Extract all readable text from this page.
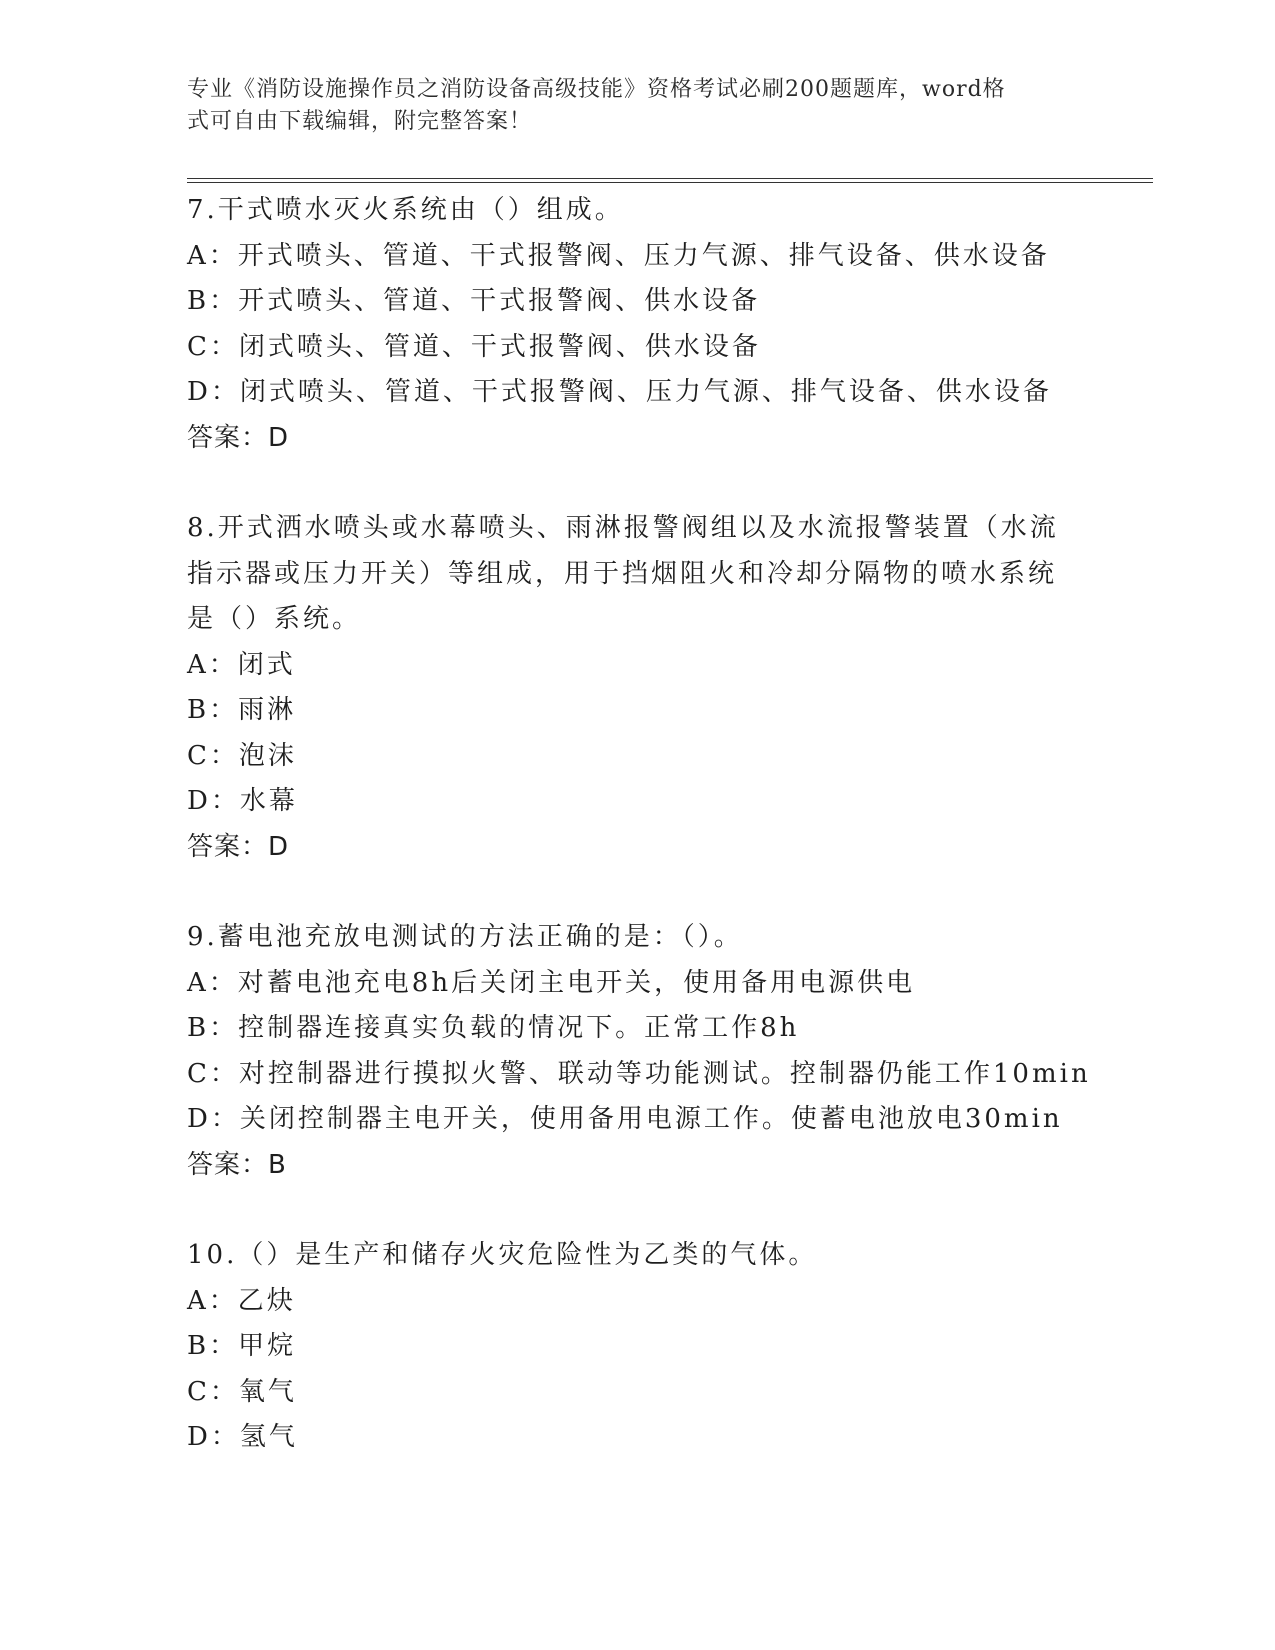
专业《消防设施操作员之消防设备高级技能》资格考试必刷200题题库，word格
式可自由下载编辑，附完整答案！
7.干式喷水灭火系统由（）组成。
A：开式喷头、管道、干式报警阀、压力气源、排气设备、供水设备
B：开式喷头、管道、干式报警阀、供水设备
C：闭式喷头、管道、干式报警阀、供水设备
D：闭式喷头、管道、干式报警阀、压力气源、排气设备、供水设备
答案：D
8.开式洒水喷头或水幕喷头、雨淋报警阀组以及水流报警装置（水流
指示器或压力开关）等组成，用于挡烟阻火和冷却分隔物的喷水系统
是（）系统。
A：闭式
B：雨淋
C：泡沫
D：水幕
答案：D
9.蓄电池充放电测试的方法正确的是：（）。
A：对蓄电池充电8h后关闭主电开关，使用备用电源供电
B：控制器连接真实负载的情况下。正常工作8h
C：对控制器进行摸拟火警、联动等功能测试。控制器仍能工作10min
D：关闭控制器主电开关，使用备用电源工作。使蓄电池放电30min
答案：B
10.（）是生产和储存火灾危险性为乙类的气体。
A：乙炔
B：甲烷
C：氧气
D：氢气
